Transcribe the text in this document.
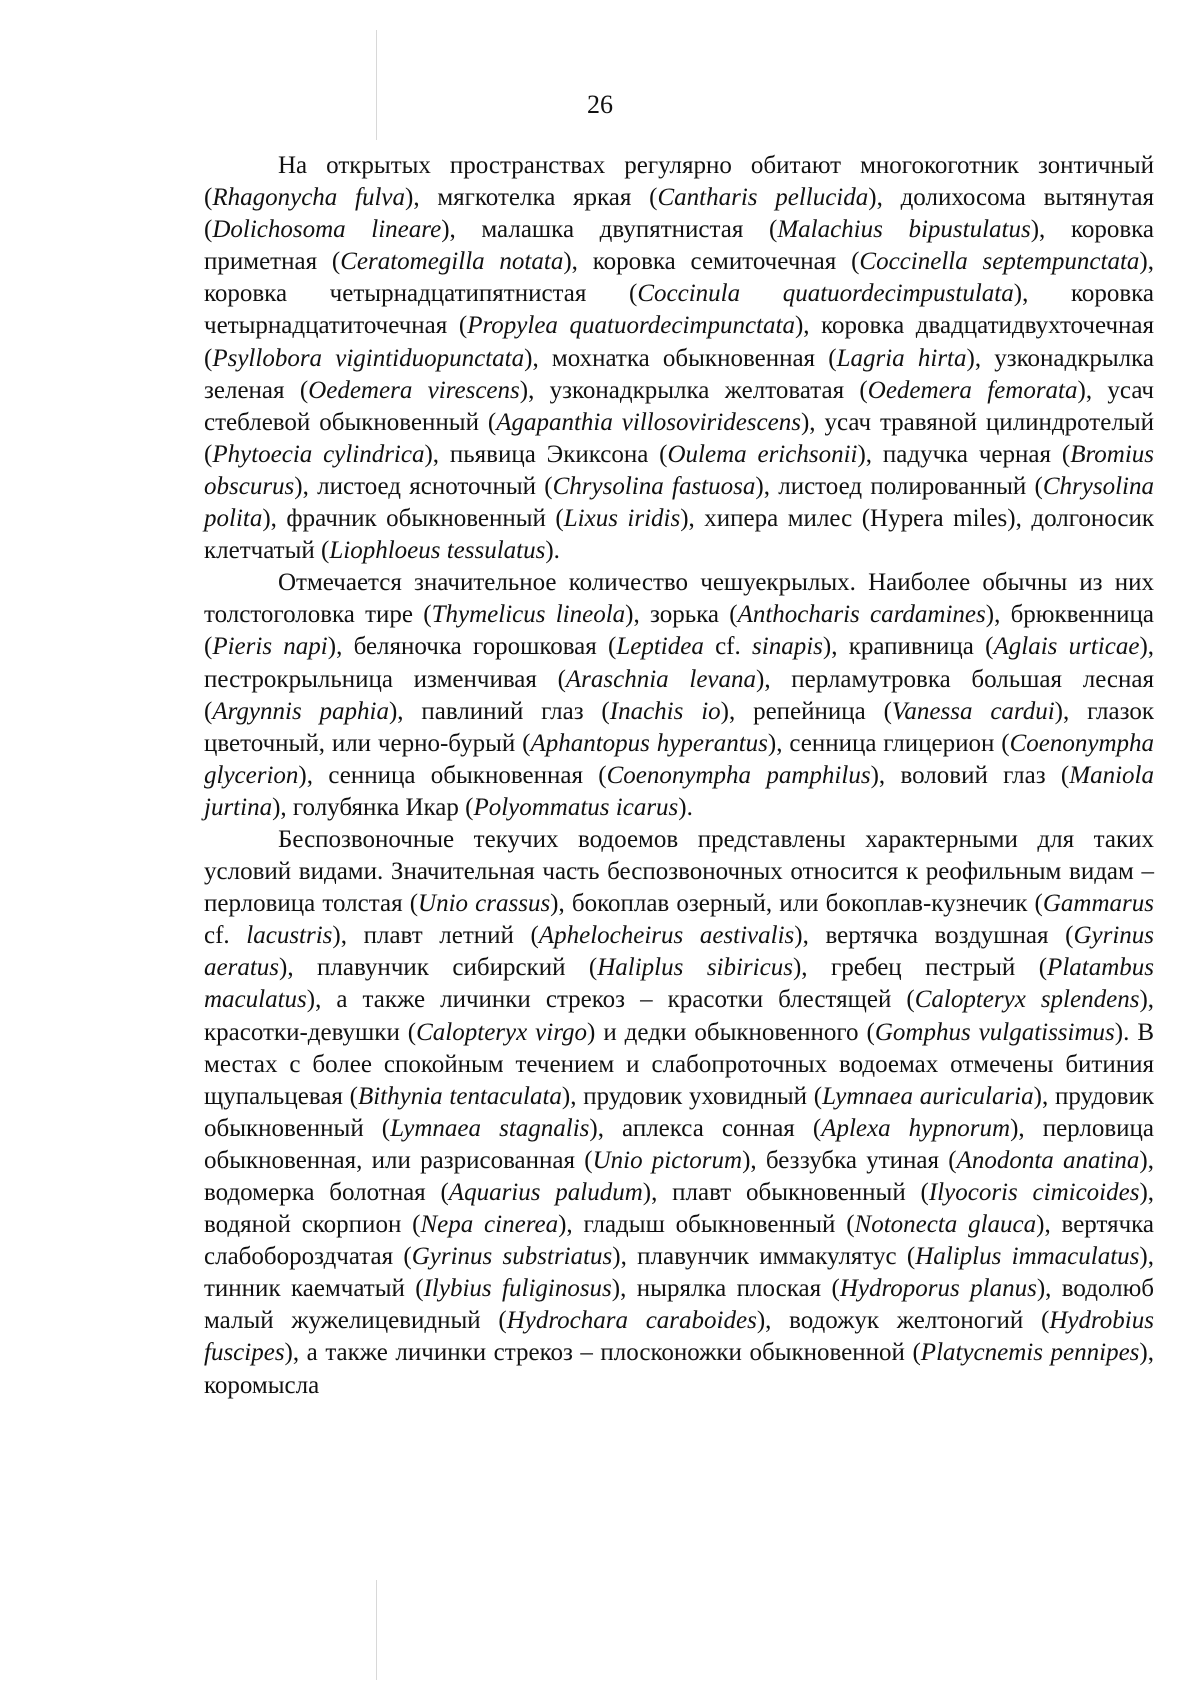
26

На открытых пространствах регулярно обитают многокоготник зонтичный (Rhagonycha fulva), мягкотелка яркая (Cantharis pellucida), долихосома вытянутая (Dolichosoma lineare), малашка двупятнистая (Malachius bipustulatus), коровка приметная (Ceratomegilla notata), коровка семиточечная (Coccinella septempunctata), коровка четырнадцатипятнистая (Coccinula quatuordecimpustulata), коровка четырнадцатиточечная (Propylea quatuordecimpunctata), коровка двадцатидвухточечная (Psyllobora vigintiduopunctata), мохнатка обыкновенная (Lagria hirta), узконадкрылка зеленая (Oedemera virescens), узконадкрылка желтоватая (Oedemera femorata), усач стеблевой обыкновенный (Agapanthia villosoviridescens), усач травяной цилиндротелый (Phytoecia cylindrica), пьявица Экиксона (Oulema erichsonii), падучка черная (Bromius obscurus), листоед ясноточный (Chrysolina fastuosa), листоед полированный (Chrysolina polita), фрачник обыкновенный (Lixus iridis), хипера милес (Hypera miles), долгоносик клетчатый (Liophloeus tessulatus).

Отмечается значительное количество чешуекрылых. Наиболее обычны из них толстоголовка тире (Thymelicus lineola), зорька (Anthocharis cardamines), брюквенница (Pieris napi), беляночка горошковая (Leptidea cf. sinapis), крапивница (Aglais urticae), пестрокрыльница изменчивая (Araschnia levana), перламутровка большая лесная (Argynnis paphia), павлиний глаз (Inachis io), репейница (Vanessa cardui), глазок цветочный, или черно-бурый (Aphantopus hyperantus), сенница глицерион (Coenonympha glycerion), сенница обыкновенная (Coenonympha pamphilus), воловий глаз (Maniola jurtina), голубянка Икар (Polyommatus icarus).

Беспозвоночные текучих водоемов представлены характерными для таких условий видами. Значительная часть беспозвоночных относится к реофильным видам – перловица толстая (Unio crassus), бокоплав озерный, или бокоплав-кузнечик (Gammarus cf. lacustris), плавт летний (Aphelocheirus aestivalis), вертячка воздушная (Gyrinus aeratus), плавунчик сибирский (Haliplus sibiricus), гребец пестрый (Platambus maculatus), а также личинки стрекоз – красотки блестящей (Calopteryx splendens), красотки-девушки (Calopteryx virgo) и дедки обыкновенного (Gomphus vulgatissimus). В местах с более спокойным течением и слабопроточных водоемах отмечены битиния щупальцевая (Bithynia tentaculata), прудовик уховидный (Lymnaea auricularia), прудовик обыкновенный (Lymnaea stagnalis), аплекса сонная (Aplexa hypnorum), перловица обыкновенная, или разрисованная (Unio pictorum), беззубка утиная (Anodonta anatina), водомерка болотная (Aquarius paludum), плавт обыкновенный (Ilyocoris cimicoides), водяной скорпион (Nepa cinerea), гладыш обыкновенный (Notonecta glauca), вертячка слабобороздчатая (Gyrinus substriatus), плавунчик иммакулятус (Haliplus immaculatus), тинник каемчатый (Ilybius fuliginosus), нырялка плоская (Hydroporus planus), водолюб малый жужелицевидный (Hydrochara caraboides), водожук желтоногий (Hydrobius fuscipes), а также личинки стрекоз – плосконожки обыкновенной (Platycnemis pennipes), коромысла
